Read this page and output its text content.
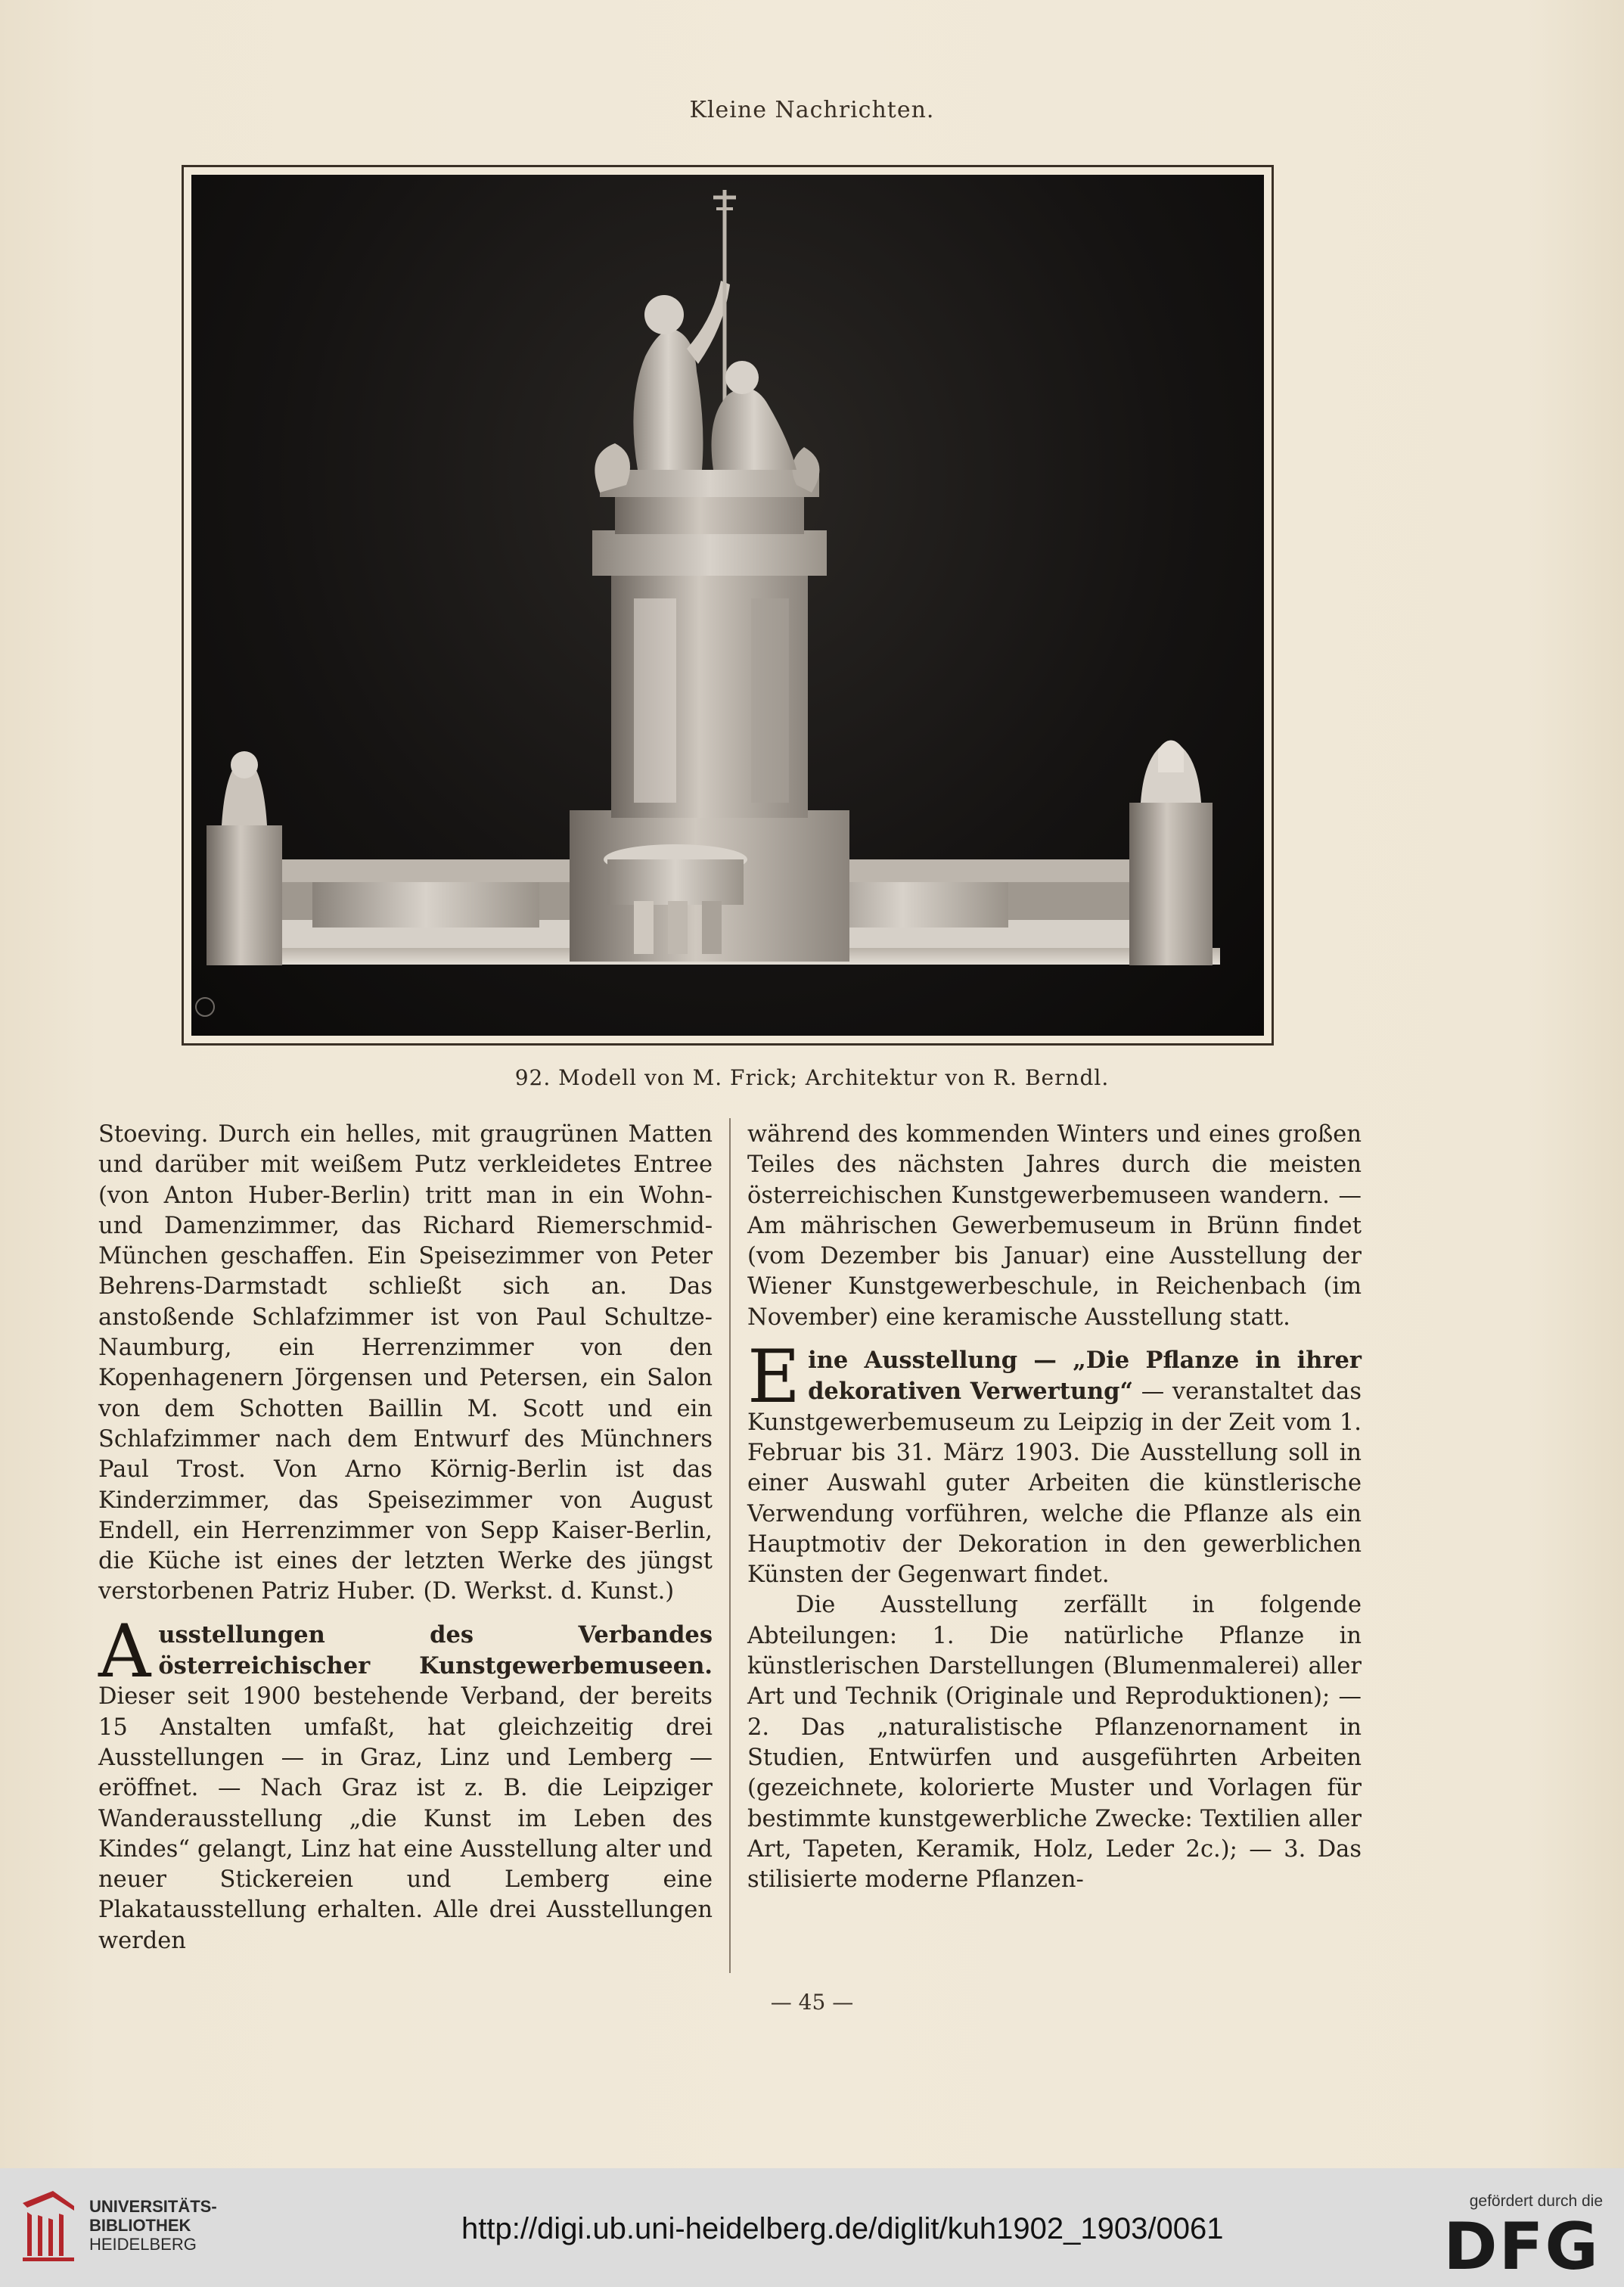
Kleine Nachrichten.
92. Modell von M. Frick; Architektur von R. Berndl.

Stoeving. Durch ein helles, mit graugrünen Matten und darüber mit weißem Putz verkleidetes Entree (von Anton Huber-Berlin) tritt man in ein Wohn- und Damenzimmer, das Richard Riemerschmid-München geschaffen. Ein Speisezimmer von Peter Behrens-Darmstadt schließt sich an. Das anstoßende Schlafzimmer ist von Paul Schultze-Naumburg, ein Herrenzimmer von den Kopenhagenern Jörgensen und Petersen, ein Salon von dem Schotten Baillin M. Scott und ein Schlafzimmer nach dem Entwurf des Münchners Paul Trost. Von Arno Körnig-Berlin ist das Kinderzimmer, das Speisezimmer von August Endell, ein Herrenzimmer von Sepp Kaiser-Berlin, die Küche ist eines der letzten Werke des jüngst verstorbenen Patriz Huber. (D. Werkst. d. Kunst.)

Ausstellungen des Verbandes österreichischer Kunstgewerbemuseen. Dieser seit 1900 bestehende Verband, der bereits 15 Anstalten umfaßt, hat gleichzeitig drei Ausstellungen — in Graz, Linz und Lemberg — eröffnet. — Nach Graz ist z. B. die Leipziger Wanderausstellung „die Kunst im Leben des Kindes“ gelangt, Linz hat eine Ausstellung alter und neuer Stickereien und Lemberg eine Plakatausstellung erhalten. Alle drei Ausstellungen werden

während des kommenden Winters und eines großen Teiles des nächsten Jahres durch die meisten österreichischen Kunstgewerbemuseen wandern. — Am mährischen Gewerbemuseum in Brünn findet (vom Dezember bis Januar) eine Ausstellung der Wiener Kunstgewerbeschule, in Reichenbach (im November) eine keramische Ausstellung statt.

Eine Ausstellung — „Die Pflanze in ihrer dekorativen Verwertung“ — veranstaltet das Kunstgewerbemuseum zu Leipzig in der Zeit vom 1. Februar bis 31. März 1903. Die Ausstellung soll in einer Auswahl guter Arbeiten die künstlerische Verwendung vorführen, welche die Pflanze als ein Hauptmotiv der Dekoration in den gewerblichen Künsten der Gegenwart findet.

Die Ausstellung zerfällt in folgende Abteilungen: 1. Die natürliche Pflanze in künstlerischen Darstellungen (Blumenmalerei) aller Art und Technik (Originale und Reproduktionen); — 2. Das „naturalistische Pflanzenornament in Studien, Entwürfen und ausgeführten Arbeiten (gezeichnete, kolorierte Muster und Vorlagen für bestimmte kunstgewerbliche Zwecke: Textilien aller Art, Tapeten, Keramik, Holz, Leder 2c.); — 3. Das stilisierte moderne Pflanzen-

— 45 —
UNIVERSITÄTS-
BIBLIOTHEK
HEIDELBERG	http://digi.ub.uni-heidelberg.de/diglit/kuh1902_1903/0061
gefördert durch die
DFG
